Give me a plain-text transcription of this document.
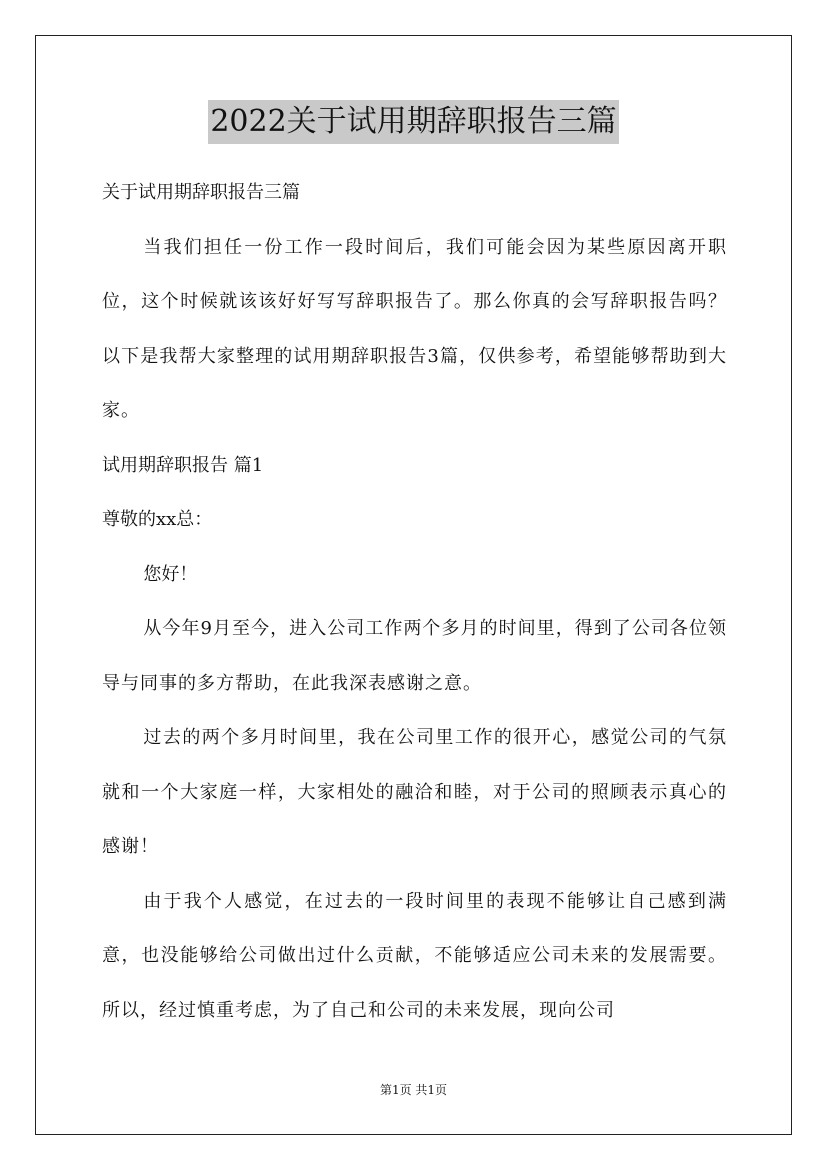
2022关于试用期辞职报告三篇

关于试用期辞职报告三篇

当我们担任一份工作一段时间后，我们可能会因为某些原因离开职位，这个时候就该该好好写写辞职报告了。那么你真的会写辞职报告吗？以下是我帮大家整理的试用期辞职报告3篇，仅供参考，希望能够帮助到大家。

试用期辞职报告 篇1

尊敬的xx总：

您好！

从今年9月至今，进入公司工作两个多月的时间里，得到了公司各位领导与同事的多方帮助，在此我深表感谢之意。

过去的两个多月时间里，我在公司里工作的很开心，感觉公司的气氛就和一个大家庭一样，大家相处的融洽和睦，对于公司的照顾表示真心的感谢！

由于我个人感觉，在过去的一段时间里的表现不能够让自己感到满意，也没能够给公司做出过什么贡献，不能够适应公司未来的发展需要。所以，经过慎重考虑，为了自己和公司的未来发展，现向公司

第1页 共1页
